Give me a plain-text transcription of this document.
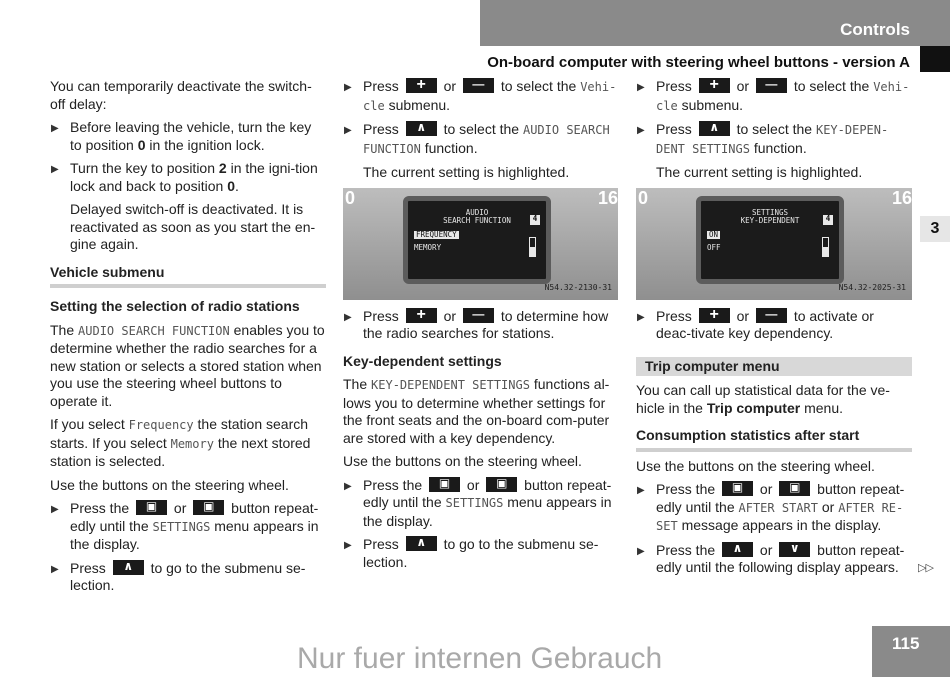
Controls
On-board computer with steering wheel buttons - version A
3
▷▷

You can temporarily deactivate the switch-off delay:

▶ Before leaving the vehicle, turn the key to position 0 in the ignition lock.
▶ Turn the key to position 2 in the igni-tion lock and back to position 0.
Delayed switch-off is deactivated. It is reactivated as soon as you start the en-gine again.
Vehicle submenu
Setting the selection of radio stations

The AUDIO SEARCH FUNCTION enables you to determine whether the radio searches for a new station or selects a stored station when you use the steering wheel buttons to operate it.

If you select Frequency the station search starts. If you select Memory the next stored station is selected.

Use the buttons on the steering wheel.

▶ Press the ▣	or ▣	button repeat-edly until the SETTINGS menu appears in the display.
▶ Press ∧	to go to the submenu se-lection.
▶ Press +	or —	to select the Vehi-cle submenu.
▶ Press ∧	to select the AUDIO SEARCH FUNCTION function.
The current setting is highlighted.
0	16
AUDIO
SEARCH FUNCTION
FREQUENCY
MEMORY
4
N54.32-2130-31
▶ Press +	or —	to determine how the radio searches for stations.
Key-dependent settings

The KEY-DEPENDENT SETTINGS functions al-lows you to determine whether settings for the front seats and the on-board com-puter are stored with a key dependency.

Use the buttons on the steering wheel.

▶ Press the ▣	or ▣	button repeat-edly until the SETTINGS menu appears in the display.
▶ Press ∧	to go to the submenu se-lection.
▶ Press +	or —	to select the Vehi-cle submenu.
▶ Press ∧	to select the KEY-DEPEN-DENT SETTINGS function.
The current setting is highlighted.
0	16
SETTINGS
KEY-DEPENDENT
ON
OFF
4
N54.32-2025-31
▶ Press +	or —	to activate or deac-tivate key dependency.
Trip computer menu

You can call up statistical data for the ve-hicle in the Trip computer menu.

Consumption statistics after start

Use the buttons on the steering wheel.

▶ Press the ▣	or ▣	button repeat-edly until the AFTER START or AFTER RE-SET message appears in the display.
▶ Press the ∧	or ∨	button repeat-edly until the following display appears.
Nur fuer internen Gebrauch	115
